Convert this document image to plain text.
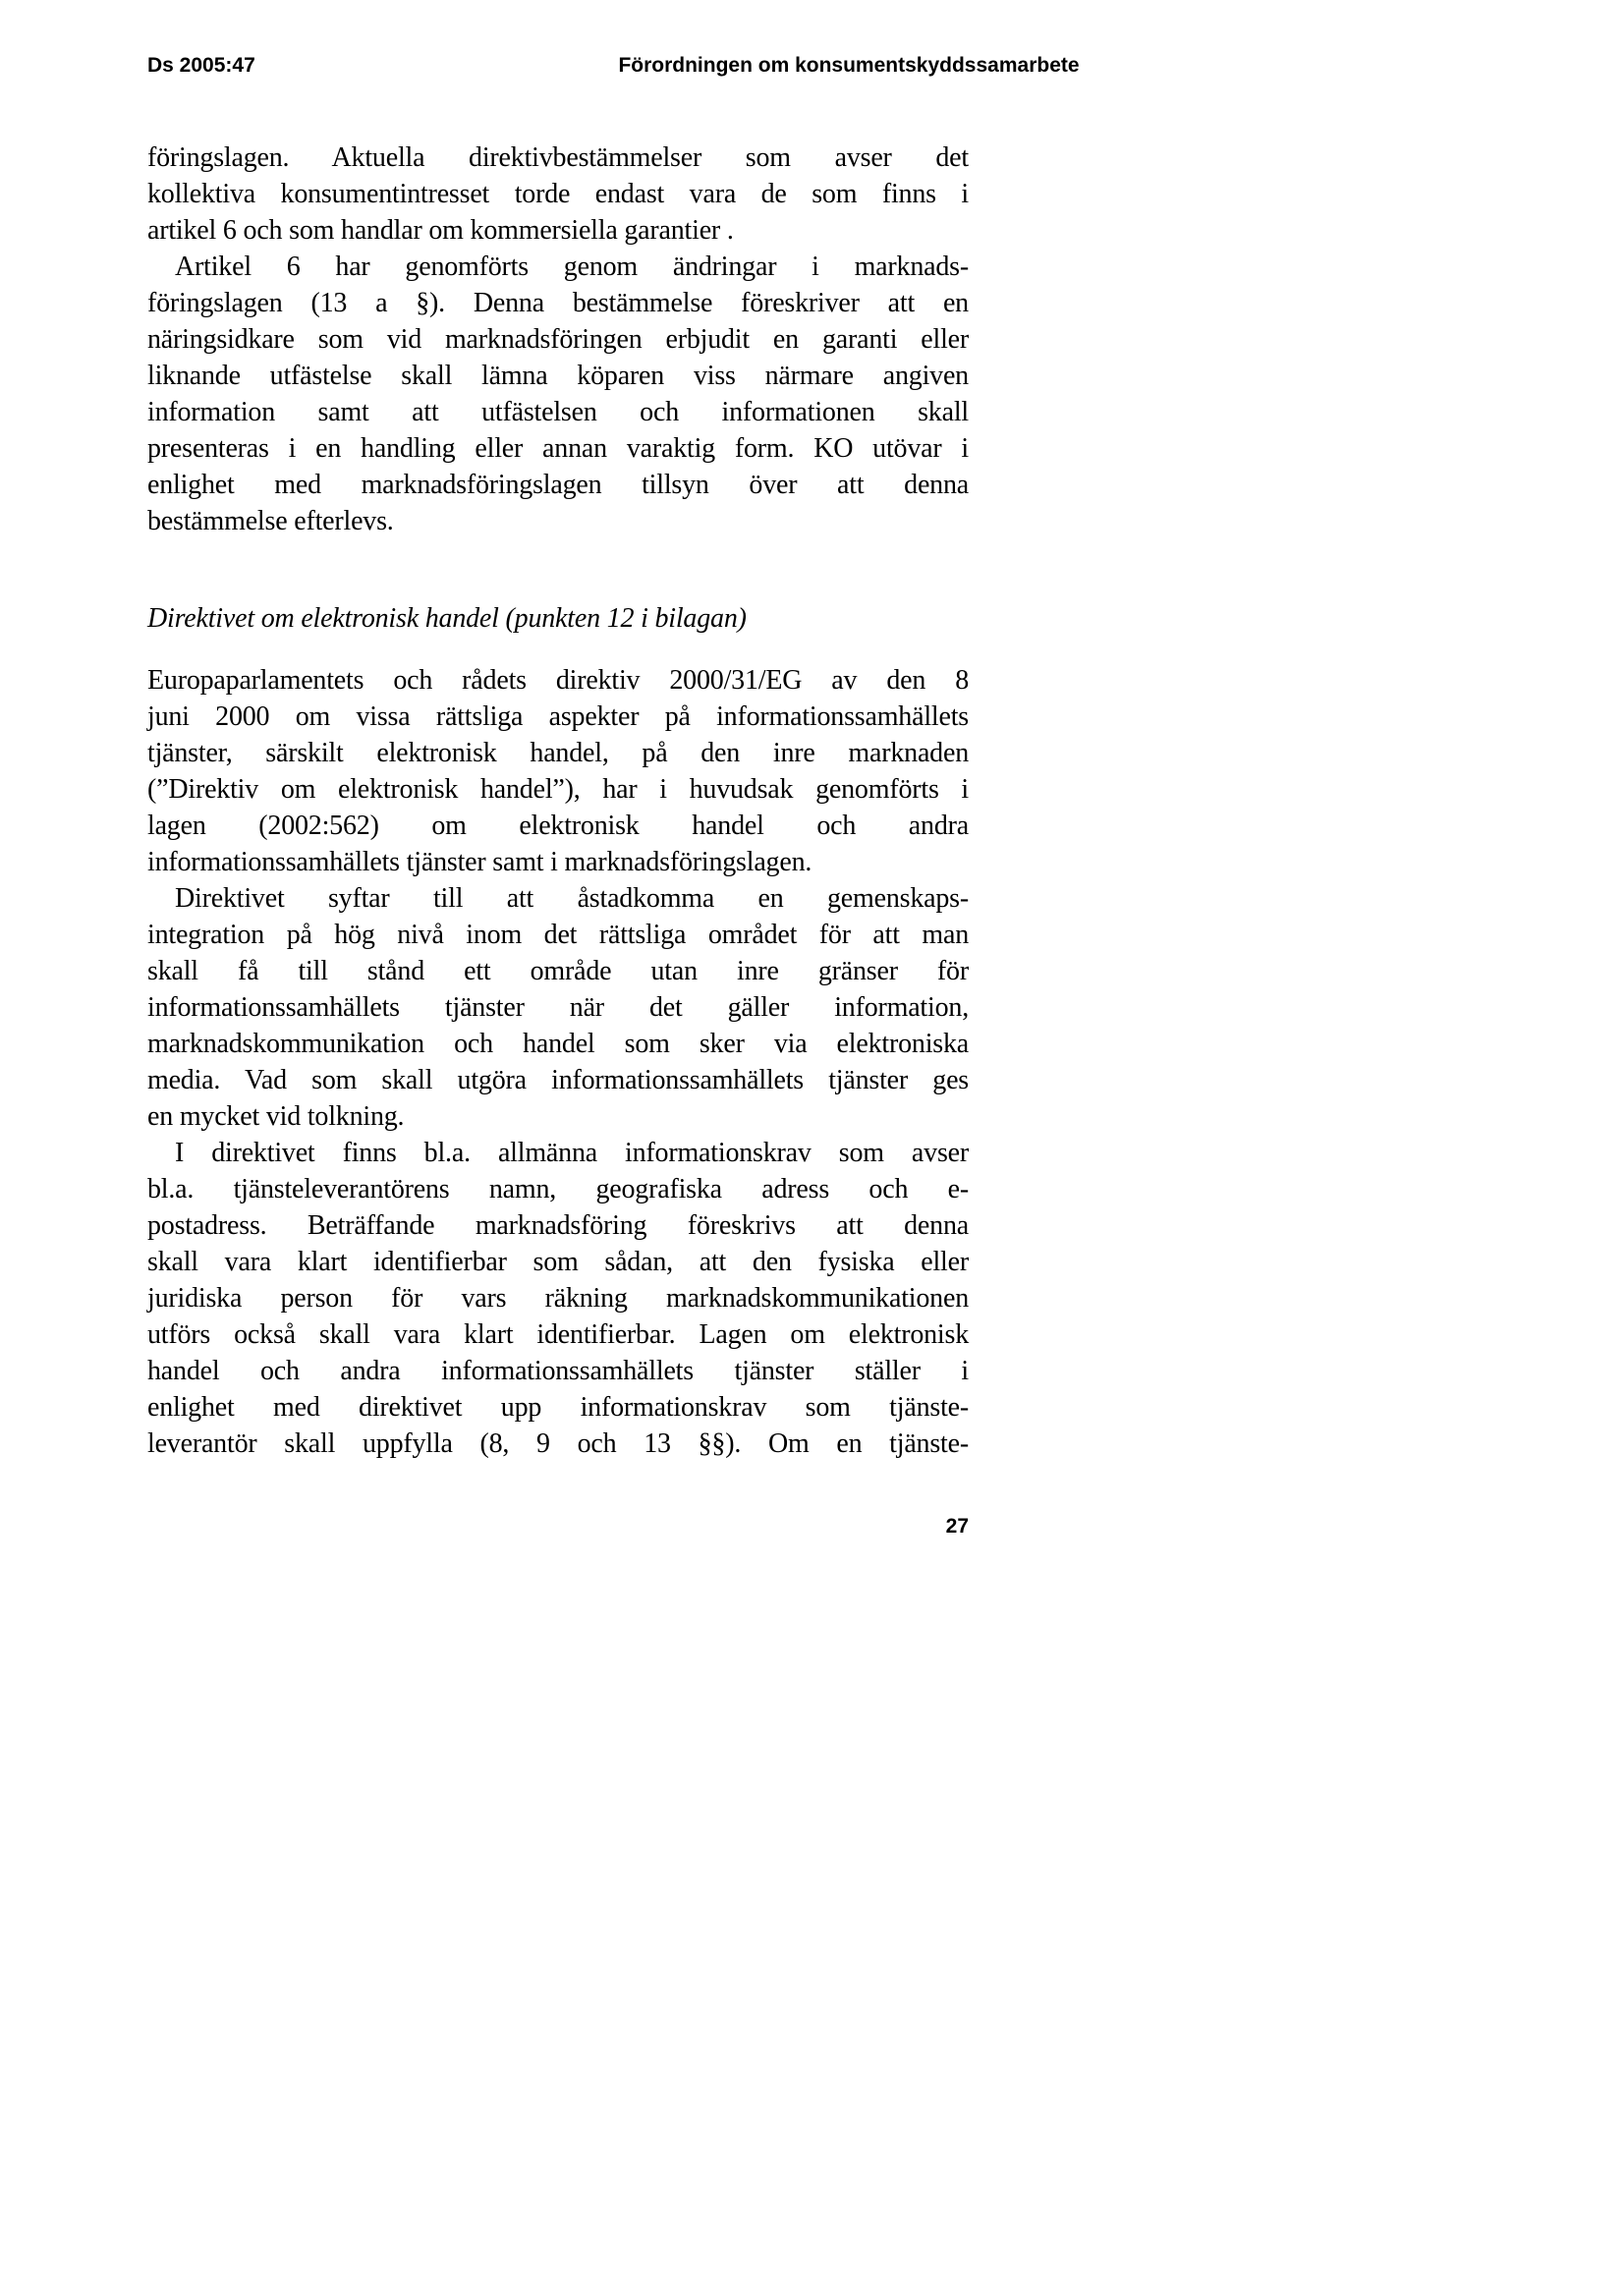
Ds 2005:47	Förordningen om konsumentskyddssamarbete
föringslagen. Aktuella direktivbestämmelser som avser det
kollektiva konsumentintresset torde endast vara de som finns i
artikel 6 och som handlar om kommersiella garantier .
Artikel 6 har genomförts genom ändringar i marknads-
föringslagen (13 a §). Denna bestämmelse föreskriver att en
näringsidkare som vid marknadsföringen erbjudit en garanti eller
liknande utfästelse skall lämna köparen viss närmare angiven
information samt att utfästelsen och informationen skall
presenteras i en handling eller annan varaktig form. KO utövar i
enlighet med marknadsföringslagen tillsyn över att denna
bestämmelse efterlevs.
Direktivet om elektronisk handel (punkten 12 i bilagan)
Europaparlamentets och rådets direktiv 2000/31/EG av den 8
juni 2000 om vissa rättsliga aspekter på informationssamhällets
tjänster, särskilt elektronisk handel, på den inre marknaden
(”Direktiv om elektronisk handel”), har i huvudsak genomförts i
lagen (2002:562) om elektronisk handel och andra
informationssamhällets tjänster samt i marknadsföringslagen.
Direktivet syftar till att åstadkomma en gemenskaps-
integration på hög nivå inom det rättsliga området för att man
skall få till stånd ett område utan inre gränser för
informationssamhällets tjänster när det gäller information,
marknadskommunikation och handel som sker via elektroniska
media. Vad som skall utgöra informationssamhällets tjänster ges
en mycket vid tolkning.
I direktivet finns bl.a. allmänna informationskrav som avser
bl.a. tjänsteleverantörens namn, geografiska adress och e-
postadress. Beträffande marknadsföring föreskrivs att denna
skall vara klart identifierbar som sådan, att den fysiska eller
juridiska person för vars räkning marknadskommunikationen
utförs också skall vara klart identifierbar. Lagen om elektronisk
handel och andra informationssamhällets tjänster ställer i
enlighet med direktivet upp informationskrav som tjänste-
leverantör skall uppfylla (8, 9 och 13 §§). Om en tjänste-
27
